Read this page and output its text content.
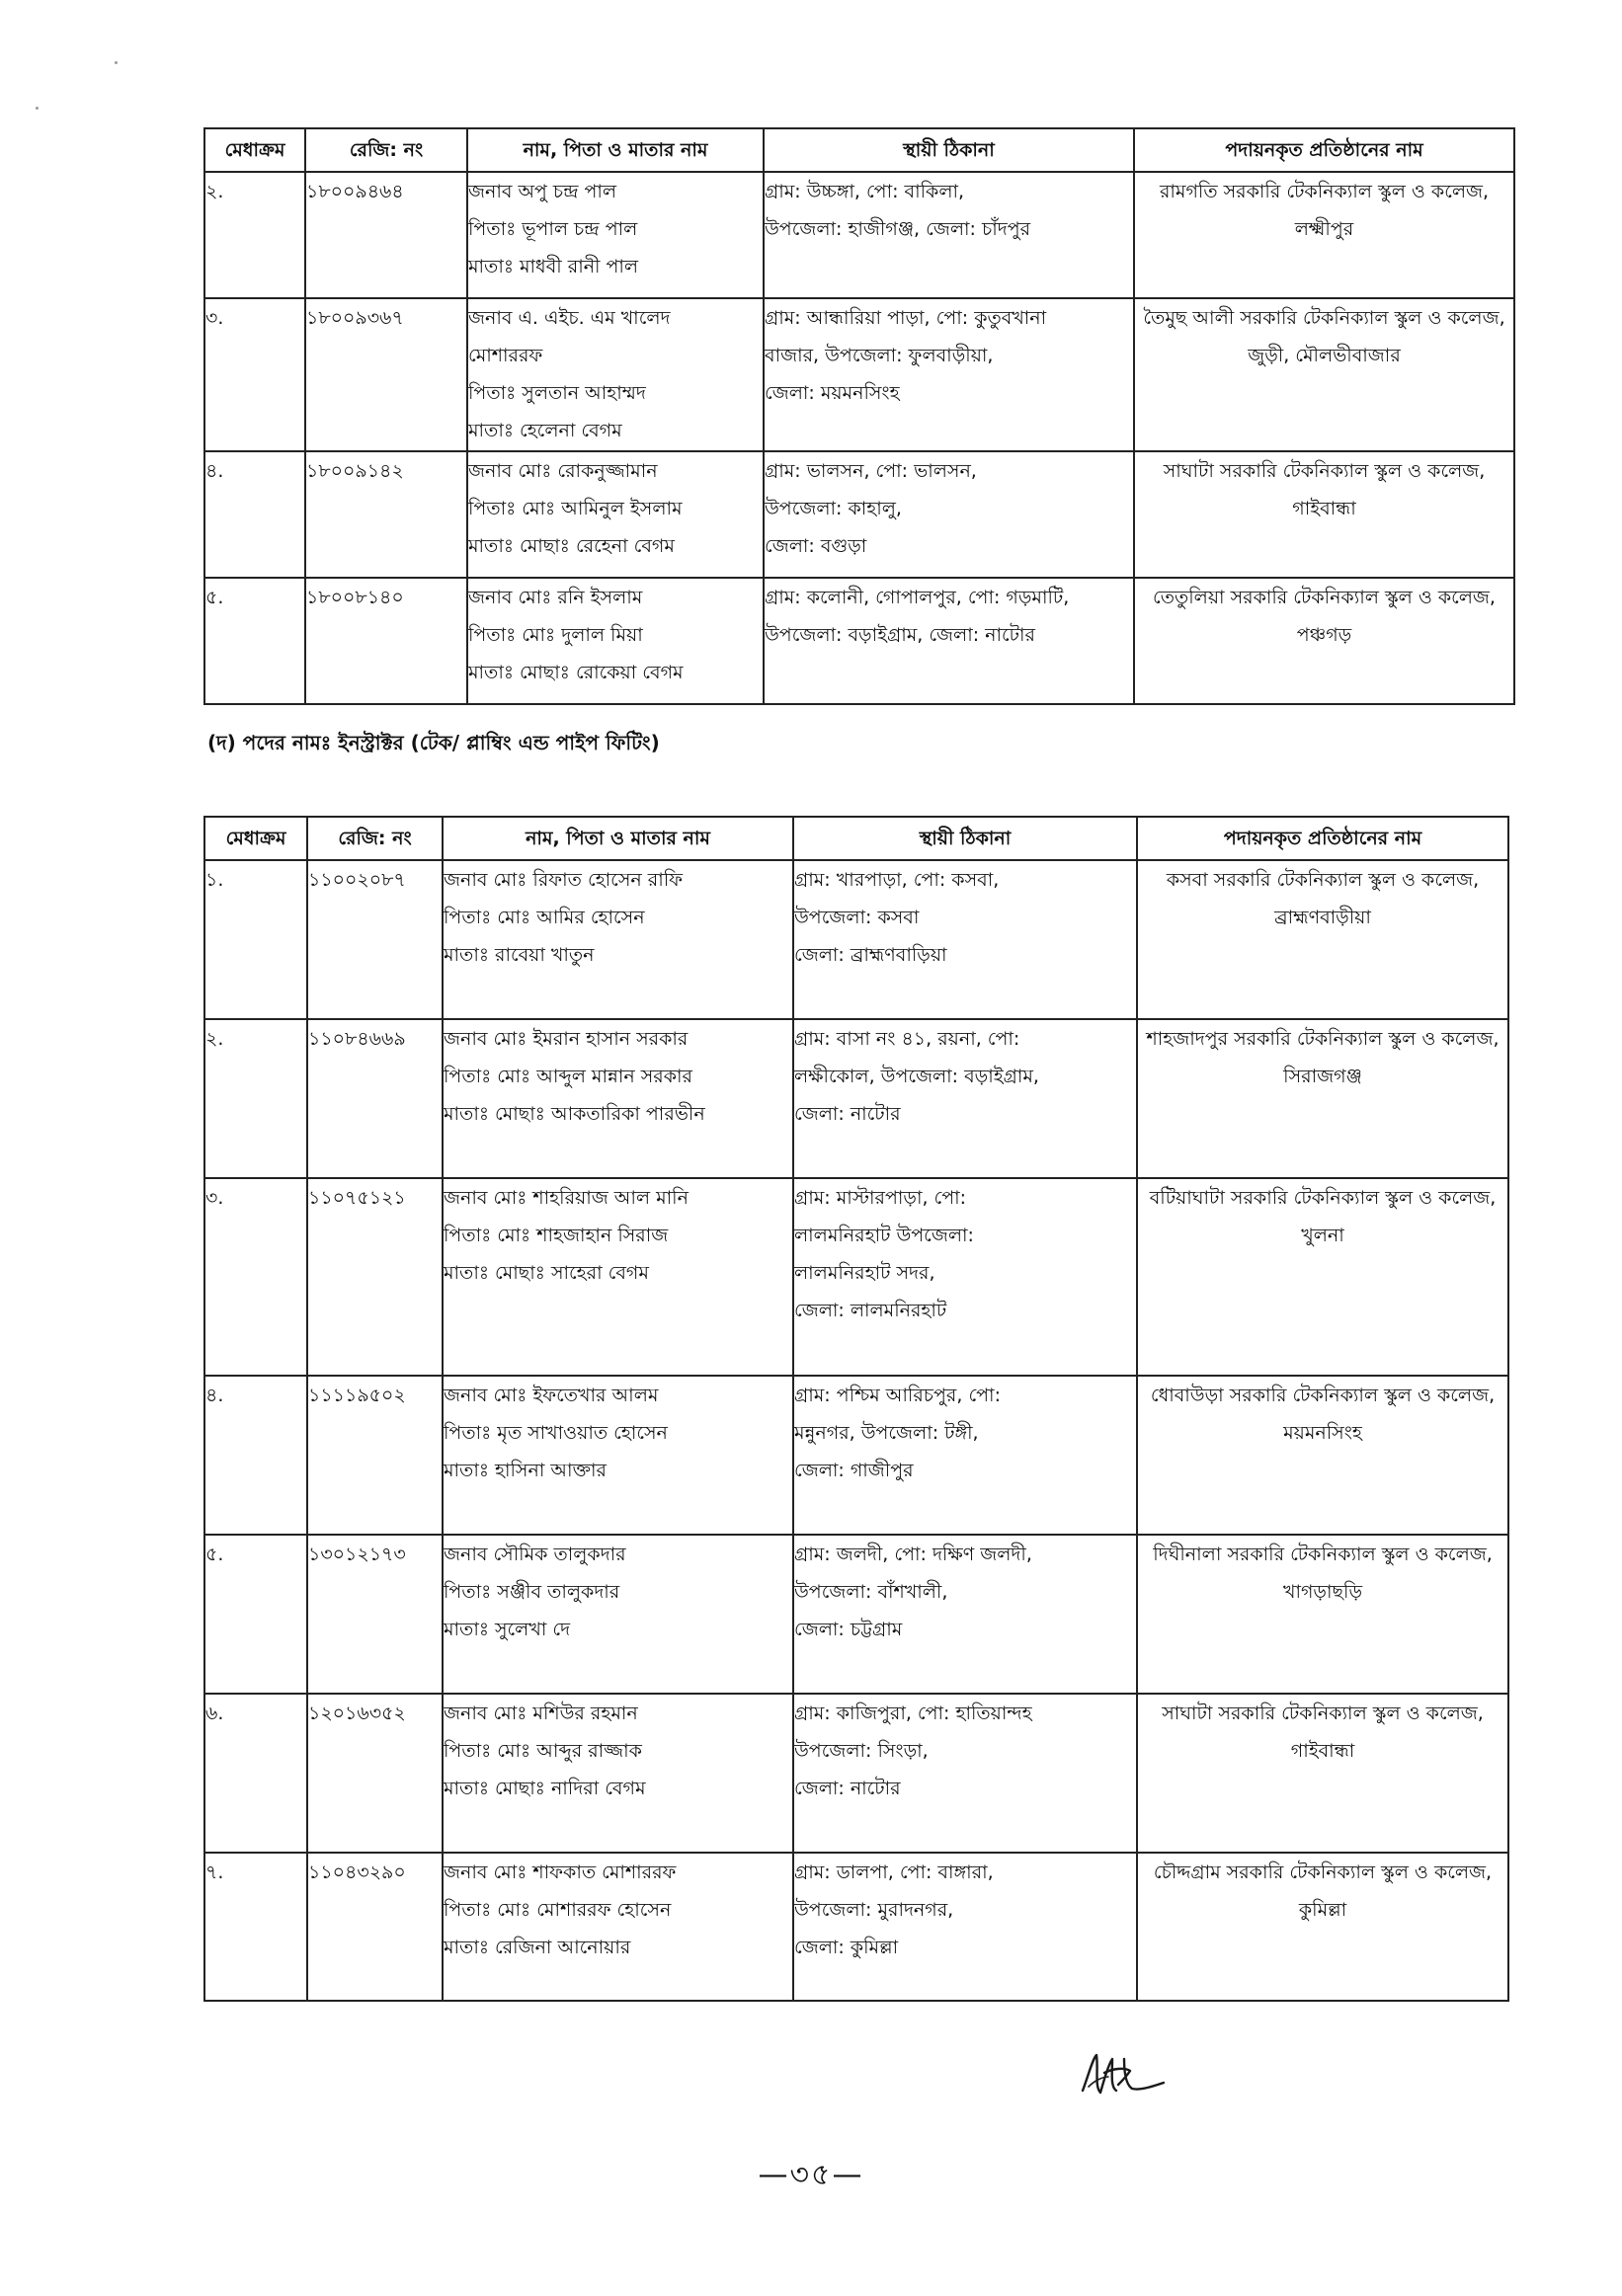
মেধাক্রম	রেজি: নং	নাম, পিতা ও মাতার নাম	স্থায়ী ঠিকানা	পদায়নকৃত প্রতিষ্ঠানের নাম
২.	১৮০০৯৪৬৪	জনাব অপু চন্দ্র পাল
পিতাঃ ভূপাল চন্দ্র পাল
মাতাঃ মাধবী রানী পাল	গ্রাম: উচ্চঙ্গা, পো: বাকিলা,
উপজেলা: হাজীগঞ্জ, জেলা: চাঁদপুর	রামগতি সরকারি টেকনিক্যাল স্কুল ও কলেজ, লক্ষ্মীপুর

৩.	১৮০০৯৩৬৭	জনাব এ. এইচ. এম খালেদ
মোশাররফ
পিতাঃ সুলতান আহাম্মদ
মাতাঃ হেলেনা বেগম	গ্রাম: আন্ধারিয়া পাড়া, পো: কুতুবখানা
বাজার, উপজেলা: ফুলবাড়ীয়া,
জেলা: ময়মনসিংহ	তৈমুছ আলী সরকারি টেকনিক্যাল স্কুল ও কলেজ, জুড়ী, মৌলভীবাজার

৪.	১৮০০৯১৪২	জনাব মোঃ রোকনুজ্জামান
পিতাঃ মোঃ আমিনুল ইসলাম
মাতাঃ মোছাঃ রেহেনা বেগম	গ্রাম: ভালসন, পো: ভালসন,
উপজেলা: কাহালু,
জেলা: বগুড়া	সাঘাটা সরকারি টেকনিক্যাল স্কুল ও কলেজ, গাইবান্ধা

৫.	১৮০০৮১৪০	জনাব মোঃ রনি ইসলাম
পিতাঃ মোঃ দুলাল মিয়া
মাতাঃ মোছাঃ রোকেয়া বেগম	গ্রাম: কলোনী, গোপালপুর, পো: গড়মাটি,
উপজেলা: বড়াইগ্রাম, জেলা: নাটোর	তেতুলিয়া সরকারি টেকনিক্যাল স্কুল ও কলেজ, পঞ্চগড়
(দ) পদের নামঃ ইনস্ট্রাক্টর (টেক/ প্লাম্বিং এন্ড পাইপ ফিটিং)
মেধাক্রম	রেজি: নং	নাম, পিতা ও মাতার নাম	স্থায়ী ঠিকানা	পদায়নকৃত প্রতিষ্ঠানের নাম
১.	১১০০২০৮৭	জনাব মোঃ রিফাত হোসেন রাফি
পিতাঃ মোঃ আমির হোসেন
মাতাঃ রাবেয়া খাতুন	গ্রাম: খারপাড়া, পো: কসবা,
উপজেলা: কসবা
জেলা: ব্রাহ্মণবাড়িয়া	কসবা সরকারি টেকনিক্যাল স্কুল ও কলেজ, ব্রাহ্মণবাড়ীয়া

২.	১১০৮৪৬৬৯	জনাব মোঃ ইমরান হাসান সরকার
পিতাঃ মোঃ আব্দুল মান্নান সরকার
মাতাঃ মোছাঃ আকতারিকা পারভীন	গ্রাম: বাসা নং ৪১, রয়না, পো:
লক্ষীকোল, উপজেলা: বড়াইগ্রাম,
জেলা: নাটোর	শাহজাদপুর সরকারি টেকনিক্যাল স্কুল ও কলেজ, সিরাজগঞ্জ

৩.	১১০৭৫১২১	জনাব মোঃ শাহরিয়াজ আল মানি
পিতাঃ মোঃ শাহজাহান সিরাজ
মাতাঃ মোছাঃ সাহেরা বেগম	গ্রাম: মাস্টারপাড়া, পো:
লালমনিরহাট উপজেলা:
লালমনিরহাট সদর,
জেলা: লালমনিরহাট	বটিয়াঘাটা সরকারি টেকনিক্যাল স্কুল ও কলেজ, খুলনা

৪.	১১১১৯৫০২	জনাব মোঃ ইফতেখার আলম
পিতাঃ মৃত সাখাওয়াত হোসেন
মাতাঃ হাসিনা আক্তার	গ্রাম: পশ্চিম আরিচপুর, পো:
মন্নুনগর, উপজেলা: টঙ্গী,
জেলা: গাজীপুর	ধোবাউড়া সরকারি টেকনিক্যাল স্কুল ও কলেজ, ময়মনসিংহ

৫.	১৩০১২১৭৩	জনাব সৌমিক তালুকদার
পিতাঃ সঞ্জীব তালুকদার
মাতাঃ সুলেখা দে	গ্রাম: জলদী, পো: দক্ষিণ জলদী,
উপজেলা: বাঁশখালী,
জেলা: চট্টগ্রাম	দিঘীনালা সরকারি টেকনিক্যাল স্কুল ও কলেজ, খাগড়াছড়ি

৬.	১২০১৬৩৫২	জনাব মোঃ মশিউর রহমান
পিতাঃ মোঃ আব্দুর রাজ্জাক
মাতাঃ মোছাঃ নাদিরা বেগম	গ্রাম: কাজিপুরা, পো: হাতিয়ান্দহ
উপজেলা: সিংড়া,
জেলা: নাটোর	সাঘাটা সরকারি টেকনিক্যাল স্কুল ও কলেজ, গাইবান্ধা

৭.	১১০৪৩২৯০	জনাব মোঃ শাফকাত মোশাররফ
পিতাঃ মোঃ মোশাররফ হোসেন
মাতাঃ রেজিনা আনোয়ার	গ্রাম: ডালপা, পো: বাঙ্গারা,
উপজেলা: মুরাদনগর,
জেলা: কুমিল্লা	চৌদ্দগ্রাম সরকারি টেকনিক্যাল স্কুল ও কলেজ, কুমিল্লা
—৩৫—
